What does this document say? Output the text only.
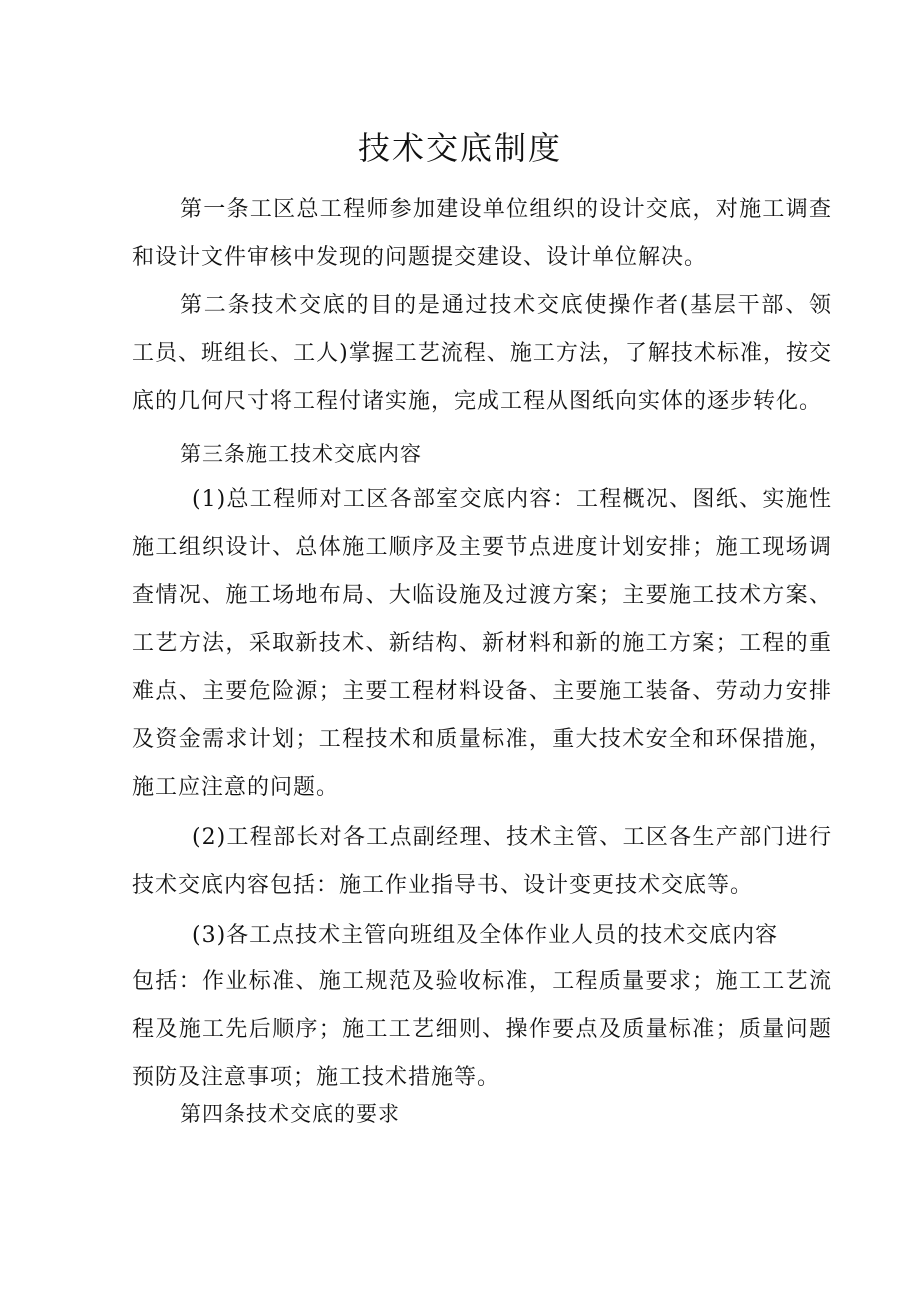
技术交底制度

第一条工区总工程师参加建设单位组织的设计交底，对施工调查和设计文件审核中发现的问题提交建设、设计单位解决。

第二条技术交底的目的是通过技术交底使操作者(基层干部、领工员、班组长、工人)掌握工艺流程、施工方法，了解技术标准，按交底的几何尺寸将工程付诸实施，完成工程从图纸向实体的逐步转化。

第三条施工技术交底内容

(1)总工程师对工区各部室交底内容：工程概况、图纸、实施性施工组织设计、总体施工顺序及主要节点进度计划安排；施工现场调查情况、施工场地布局、大临设施及过渡方案；主要施工技术方案、工艺方法，采取新技术、新结构、新材料和新的施工方案；工程的重难点、主要危险源；主要工程材料设备、主要施工装备、劳动力安排及资金需求计划；工程技术和质量标准，重大技术安全和环保措施，施工应注意的问题。

(2)工程部长对各工点副经理、技术主管、工区各生产部门进行技术交底内容包括：施工作业指导书、设计变更技术交底等。

(3)各工点技术主管向班组及全体作业人员的技术交底内容

包括：作业标准、施工规范及验收标准，工程质量要求；施工工艺流程及施工先后顺序；施工工艺细则、操作要点及质量标准；质量问题预防及注意事项；施工技术措施等。

第四条技术交底的要求
